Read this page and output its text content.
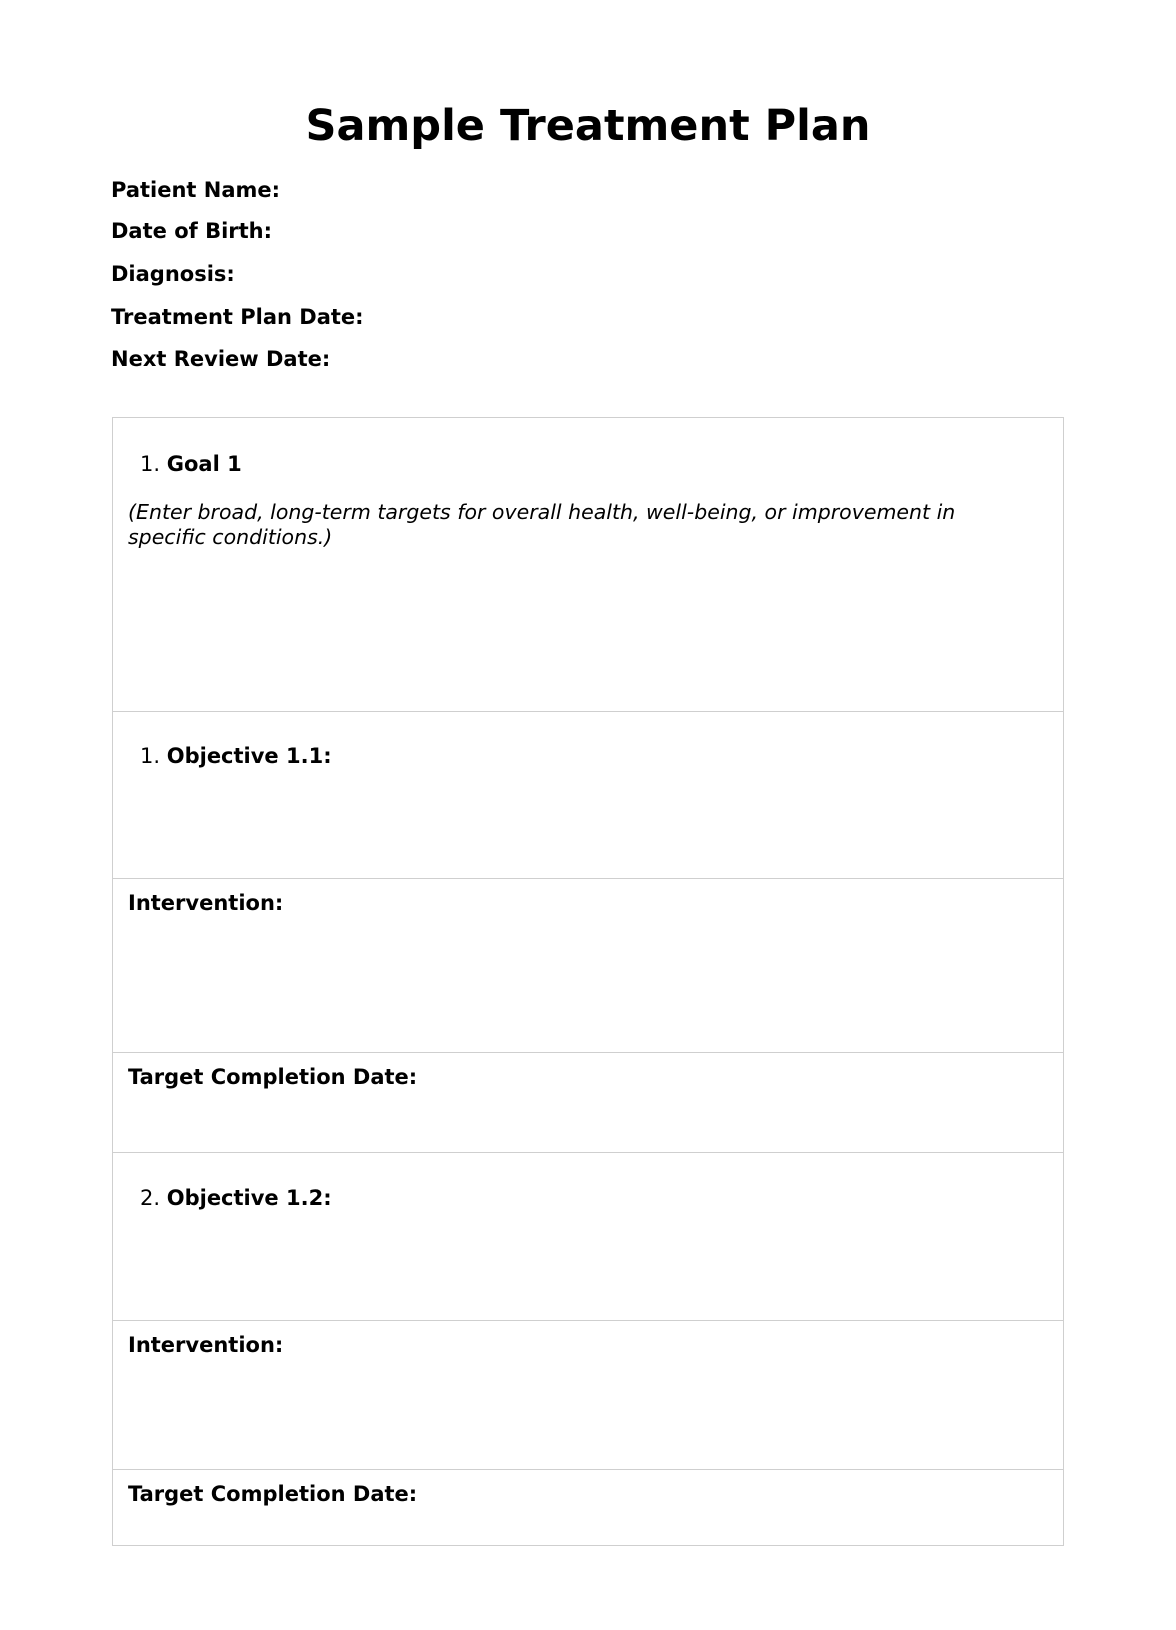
Sample Treatment Plan
Patient Name:
Date of Birth:
Diagnosis:
Treatment Plan Date:
Next Review Date:
1. Goal 1
(Enter broad, long-term targets for overall health, well-being, or improvement in specific conditions.)
1. Objective 1.1:
Intervention:
Target Completion Date:
2. Objective 1.2:
Intervention:
Target Completion Date:
